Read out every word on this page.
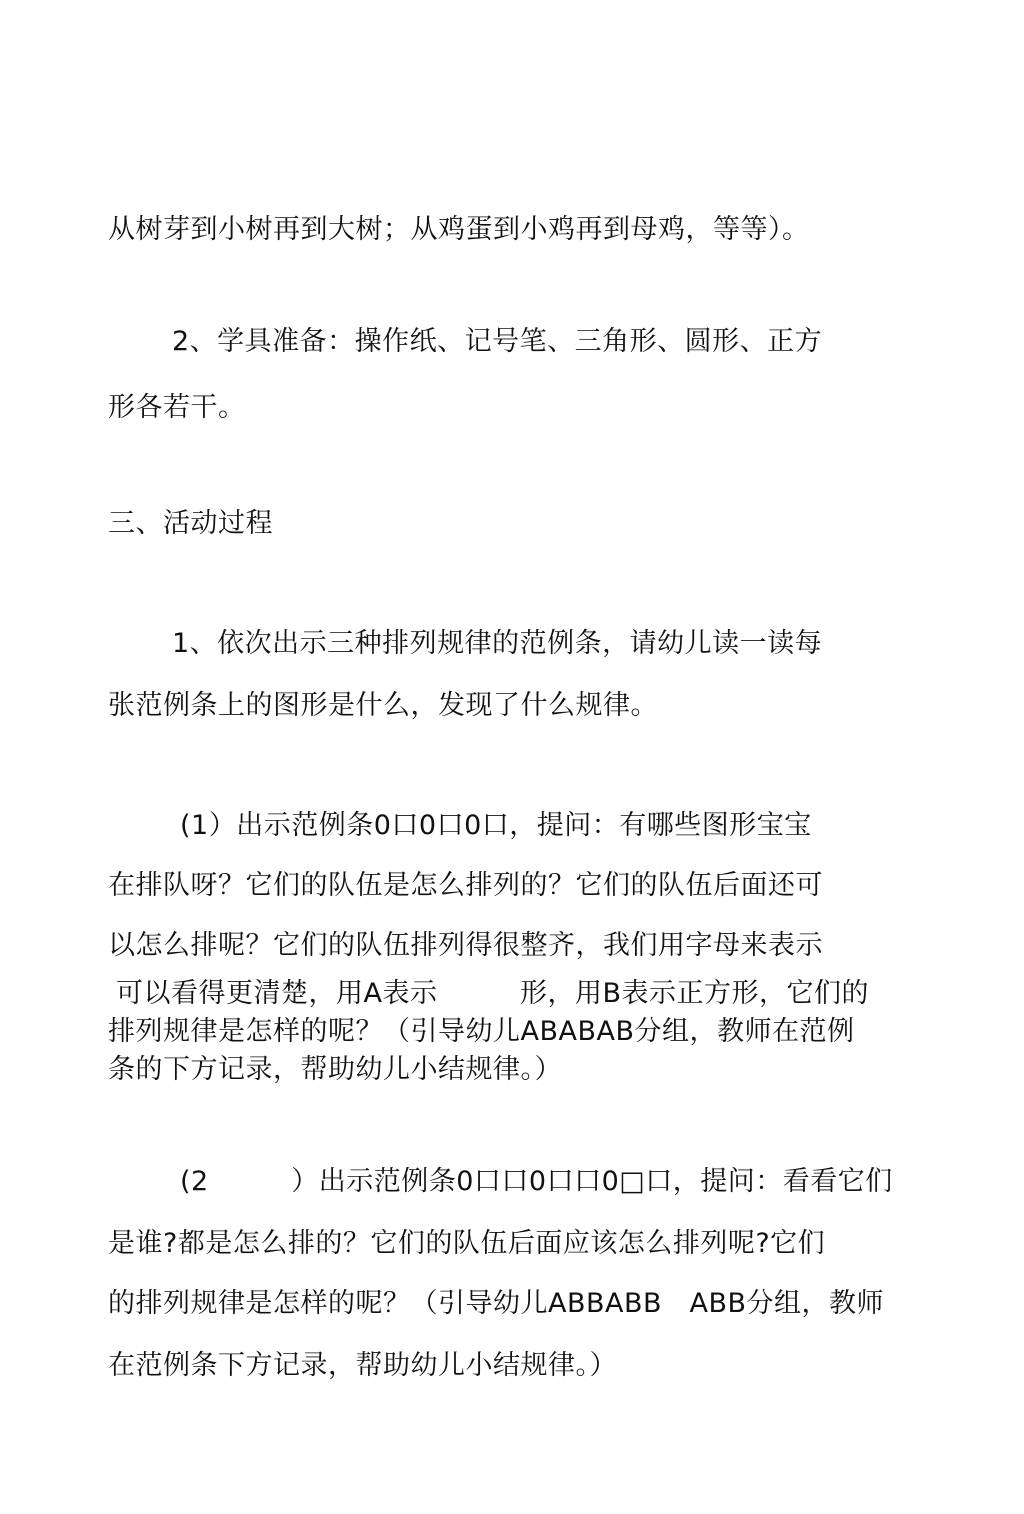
从树芽到小树再到大树；从鸡蛋到小鸡再到母鸡，等等）。
2、学具准备：操作纸、记号笔、三角形、圆形、正方
形各若干。
三、活动过程
1、依次出示三种排列规律的范例条，请幼儿读一读每
张范例条上的图形是什么，发现了什么规律。
(1）出示范例条0口0口0口，提问：有哪些图形宝宝
在排队呀？它们的队伍是怎么排列的？它们的队伍后面还可
以怎么排呢？它们的队伍排列得很整齐，我们用字母来表示
可以看得更清楚，用A表示　　　形，用B表示正方形，它们的
排列规律是怎样的呢？（引导幼儿ABABAB分组，教师在范例
条的下方记录，帮助幼儿小结规律。）
(2　　　）出示范例条0口口0口口0□口，提问：看看它们
是谁?都是怎么排的？它们的队伍后面应该怎么排列呢?它们
的排列规律是怎样的呢？（引导幼儿ABBABB　ABB分组，教师
在范例条下方记录，帮助幼儿小结规律。）
